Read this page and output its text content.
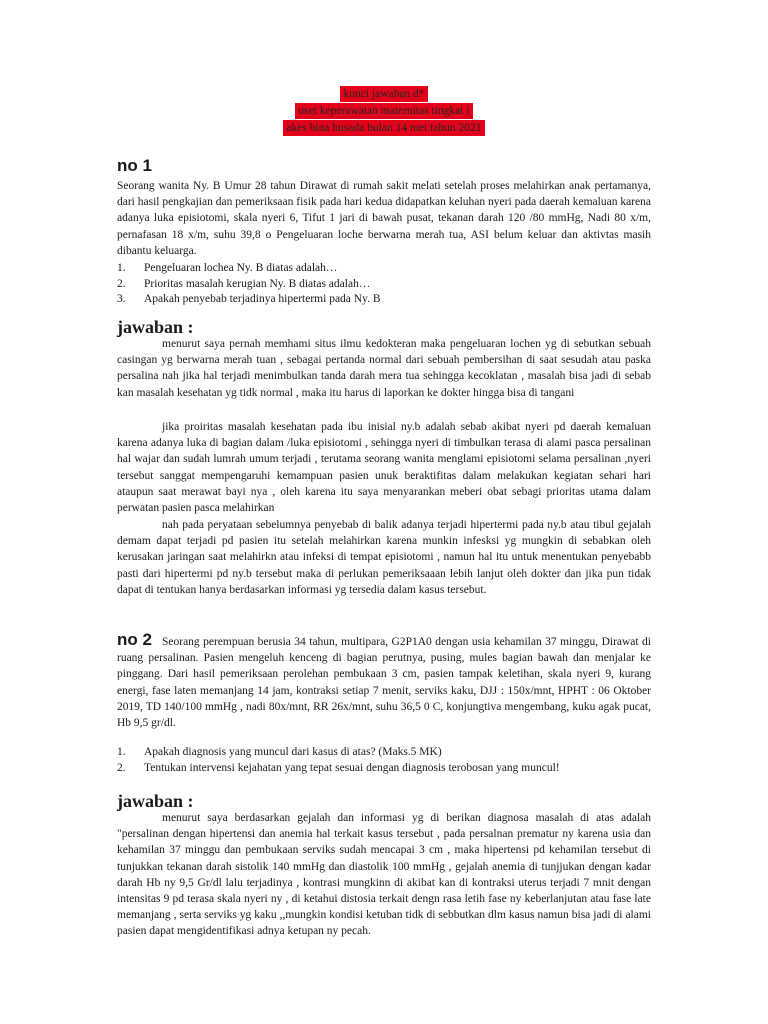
kunci jawaban d*
uset keperawatan maternitas tingkat i
akes bina husada bulan 14 mei tahun 2021
no 1
Seorang wanita Ny. B Umur 28 tahun Dirawat di rumah sakit melati setelah proses melahirkan anak pertamanya, dari hasil pengkajian dan pemeriksaan fisik pada hari kedua didapatkan keluhan nyeri pada daerah kemaluan karena adanya luka episiotomi, skala nyeri 6, Tifut 1 jari di bawah pusat, tekanan darah 120 /80 mmHg, Nadi 80 x/m, pernafasan 18 x/m, suhu 39,8 o Pengeluaran loche berwarna merah tua, ASI belum keluar dan aktivtas masih dibantu keluarga.
1.	Pengeluaran lochea Ny. B diatas adalah…
2.	Prioritas masalah kerugian Ny. B diatas adalah…
3.	Apakah penyebab terjadinya hipertermi pada Ny. B
jawaban :
menurut saya pernah memhami situs ilmu kedokteran maka pengeluaran lochen yg di sebutkan sebuah casingan yg berwarna merah tuan , sebagai pertanda normal dari sebuah pembersihan di saat sesudah atau paska persalina nah jika hal terjadi menimbulkan tanda darah mera tua sehingga kecoklatan , masalah bisa jadi di sebab kan masalah kesehatan yg tidk normal , maka itu harus di laporkan ke dokter hingga bisa di tangani
jika proiritas masalah kesehatan pada ibu inisial ny.b adalah sebab akibat nyeri pd daerah kemaluan karena adanya luka di bagian dalam /luka episiotomi , sehingga nyeri di timbulkan terasa di alami pasca persalinan hal wajar dan sudah lumrah umum terjadi , terutama seorang wanita menglami episiotomi selama persalinan ,nyeri tersebut sanggat mempengaruhi kemampuan pasien unuk beraktifitas dalam melakukan kegiatan sehari hari ataupun saat merawat bayi nya , oleh karena itu saya menyarankan meberi obat sebagi prioritas utama dalam perwatan pasien pasca melahirkan
nah pada peryataan sebelumnya penyebab di balik adanya terjadi hipertermi pada ny.b atau tibul gejalah demam dapat terjadi pd pasien itu setelah melahirkan karena munkin infesksi yg mungkin di sebabkan oleh kerusakan jaringan saat melahirkn atau infeksi di tempat episiotomi , namun hal itu untuk menentukan penyebabb pasti dari hipertermi pd ny.b tersebut maka di perlukan pemeriksaaan lebih lanjut oleh dokter dan jika pun tidak dapat di tentukan hanya berdasarkan informasi yg tersedia dalam kasus tersebut.
no 2 Seorang perempuan berusia 34 tahun, multipara, G2P1A0 dengan usia kehamilan 37 minggu, Dirawat di ruang persalinan. Pasien mengeluh kenceng di bagian perutnya, pusing, mules bagian bawah dan menjalar ke pinggang. Dari hasil pemeriksaan perolehan pembukaan 3 cm, pasien tampak keletihan, skala nyeri 9, kurang energi, fase laten memanjang 14 jam, kontraksi setiap 7 menit, serviks kaku, DJJ : 150x/mnt, HPHT : 06 Oktober 2019, TD 140/100 mmHg , nadi 80x/mnt, RR 26x/mnt, suhu 36,5 0 C, konjungtiva mengembang, kuku agak pucat, Hb 9,5 gr/dl.
1.	Apakah diagnosis yang muncul dari kasus di atas? (Maks.5 MK)
2.	Tentukan intervensi kejahatan yang tepat sesuai dengan diagnosis terobosan yang muncul!
jawaban :
menurut saya berdasarkan gejalah dan informasi yg di berikan diagnosa masalah di atas adalah "persalinan dengan hipertensi dan anemia hal terkait kasus tersebut , pada persalnan prematur ny karena usia dan kehamilan 37 minggu dan pembukaan serviks sudah mencapai 3 cm , maka hipertensi pd kehamilan tersebut di tunjukkan tekanan darah sistolik 140 mmHg dan diastolik 100 mmHg , gejalah anemia di tunjjukan dengan kadar darah Hb ny 9,5 Gr/dl lalu terjadinya , kontrasi mungkinn di akibat kan di kontraksi uterus terjadi 7 mnit dengan intensitas 9 pd terasa skala nyeri ny , di ketahui distosia terkait dengn rasa letih fase ny keberlanjutan atau fase late memanjang , serta serviks yg kaku ,,mungkin kondisi ketuban tidk di sebbutkan dlm kasus namun bisa jadi di alami pasien dapat mengidentifikasi adnya ketupan ny pecah.
